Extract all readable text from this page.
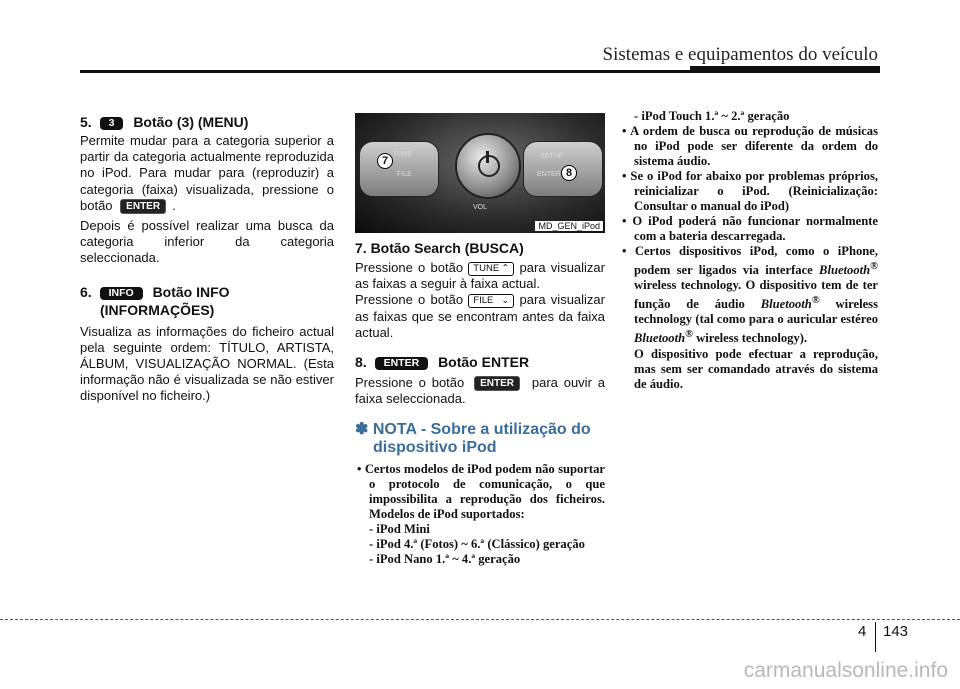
Sistemas e equipamentos do veículo
5. 3 Botão (3) (MENU)

Permite mudar para a categoria superior a partir da categoria actualmente reproduzida no iPod. Para mudar para (reproduzir) a categoria (faixa) visualizada, pressione o botão ENTER .

Depois é possível realizar uma busca da categoria inferior da categoria seleccionada.

6. INFO Botão INFO
(INFORMAÇÕES)

Visualiza as informações do ficheiro actual pela seguinte ordem: TÍTULO, ARTISTA, ÁLBUM, VISUALIZAÇÃO NORMAL. (Esta informação não é visualizada se não estiver disponível no ficheiro.)

TUNE
FILE
SETUP
ENTER
VOL
7
8
MD_GEN_iPod
7. Botão Search (BUSCA)

Pressione o botão TUNE ⌃ para visualizar as faixas a seguir à faixa actual.

Pressione o botão FILE ⌄ para visualizar as faixas que se encontram antes da faixa actual.

8. ENTER Botão ENTER

Pressione o botão ENTER para ouvir a faixa seleccionada.

✽ NOTA - Sobre a utilização do
dispositivo iPod

• Certos modelos de iPod podem não suportar o protocolo de comunicação, o que impossibilita a reprodução dos ficheiros. Modelos de iPod suportados:

- iPod Mini

- iPod 4.ª (Fotos) ~ 6.ª (Clássico) geração

- iPod Nano 1.ª ~ 4.ª geração

- iPod Touch 1.ª ~ 2.ª geração

• A ordem de busca ou reprodução de músicas no iPod pode ser diferente da ordem do sistema áudio.

• Se o iPod for abaixo por problemas próprios, reinicializar o iPod. (Reinicialização: Consultar o manual do iPod)

• O iPod poderá não funcionar normalmente com a bateria descarregada.

• Certos dispositivos iPod, como o iPhone, podem ser ligados via interface Bluetooth® wireless technology. O dispositivo tem de ter função de áudio Bluetooth® wireless technology (tal como para o auricular estéreo Bluetooth® wireless technology).

O dispositivo pode efectuar a reprodução, mas sem ser comandado através do sistema de áudio.

4 143
carmanualsonline.info
